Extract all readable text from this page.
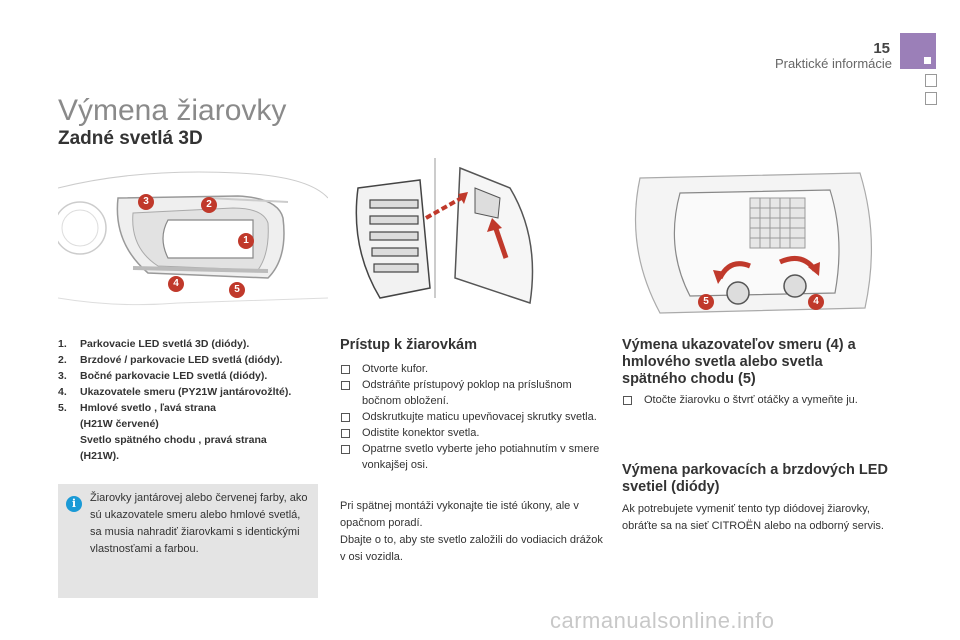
15
Praktické informácie
Výmena žiarovky
Zadné svetlá 3D
3	2
1
4
5
5	4
1. Parkovacie LED svetlá 3D (diódy).
2. Brzdové / parkovacie LED svetlá (diódy).
3. Bočné parkovacie LED svetlá (diódy).
4. Ukazovatele smeru (PY21W jantárovožlté).
5. Hmlové svetlo , ľavá strana
(H21W červené)
Svetlo spätného chodu , pravá strana
(H21W).
i	Žiarovky jantárovej alebo červenej farby, ako sú ukazovatele smeru alebo hmlové svetlá, sa musia nahradiť žiarovkami s identickými vlastnosťami a farbou.
Prístup k žiarovkám
Otvorte kufor.
Odstráňte prístupový poklop na príslušnom bočnom obložení.
Odskrutkujte maticu upevňovacej skrutky svetla.
Odistite konektor svetla.
Opatrne svetlo vyberte jeho potiahnutím v smere vonkajšej osi.
Pri spätnej montáži vykonajte tie isté úkony, ale v opačnom poradí.
Dbajte o to, aby ste svetlo založili do vodiacich drážok v osi vozidla.
Výmena ukazovateľov smeru (4) a hmlového svetla alebo svetla spätného chodu (5)
Otočte žiarovku o štvrť otáčky a vymeňte ju.
Výmena parkovacích a brzdových LED svetiel (diódy)
Ak potrebujete vymeniť tento typ diódovej žiarovky, obráťte sa na sieť CITROËN alebo na odborný servis.
carmanualsonline.info
